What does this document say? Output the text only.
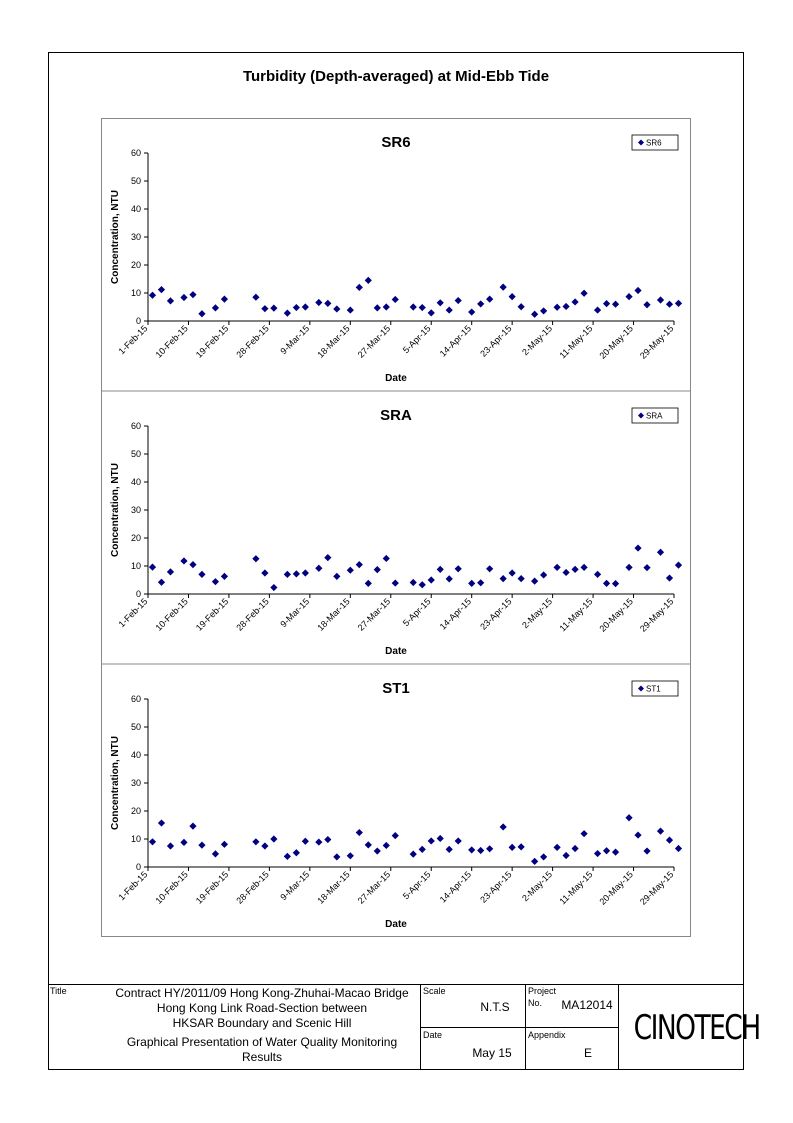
Turbidity (Depth-averaged) at Mid-Ebb Tide
SR6
0
10
20
30
40
50
60
1-Feb-15 10-Feb-15 19-Feb-15 28-Feb-15 9-Mar-15 18-Mar-15 27-Mar-15 5-Apr-15 14-Apr-15 23-Apr-15 2-May-15 11-May-15 20-May-15 29-May-15
Date
Concentration, NTU
SR6
SRA
0
10
20
30
40
50
60
1-Feb-15 10-Feb-15 19-Feb-15 28-Feb-15 9-Mar-15 18-Mar-15 27-Mar-15 5-Apr-15 14-Apr-15 23-Apr-15 2-May-15 11-May-15 20-May-15 29-May-15
Date
Concentration, NTU
SRA
ST1
0
10
20
30
40
50
60
1-Feb-15 10-Feb-15 19-Feb-15 28-Feb-15 9-Mar-15 18-Mar-15 27-Mar-15 5-Apr-15 14-Apr-15 23-Apr-15 2-May-15 11-May-15 20-May-15 29-May-15
Date
Concentration, NTU
ST1
Title	Contract HY/2011/09 Hong Kong-Zhuhai-Macao Bridge
Hong Kong Link Road-Section between
HKSAR Boundary and Scenic Hill
Graphical Presentation of Water Quality Monitoring
Results
Scale
N.T.S
Date
May 15
Project
No.	MA12014
Appendix
E
CINOTECH
